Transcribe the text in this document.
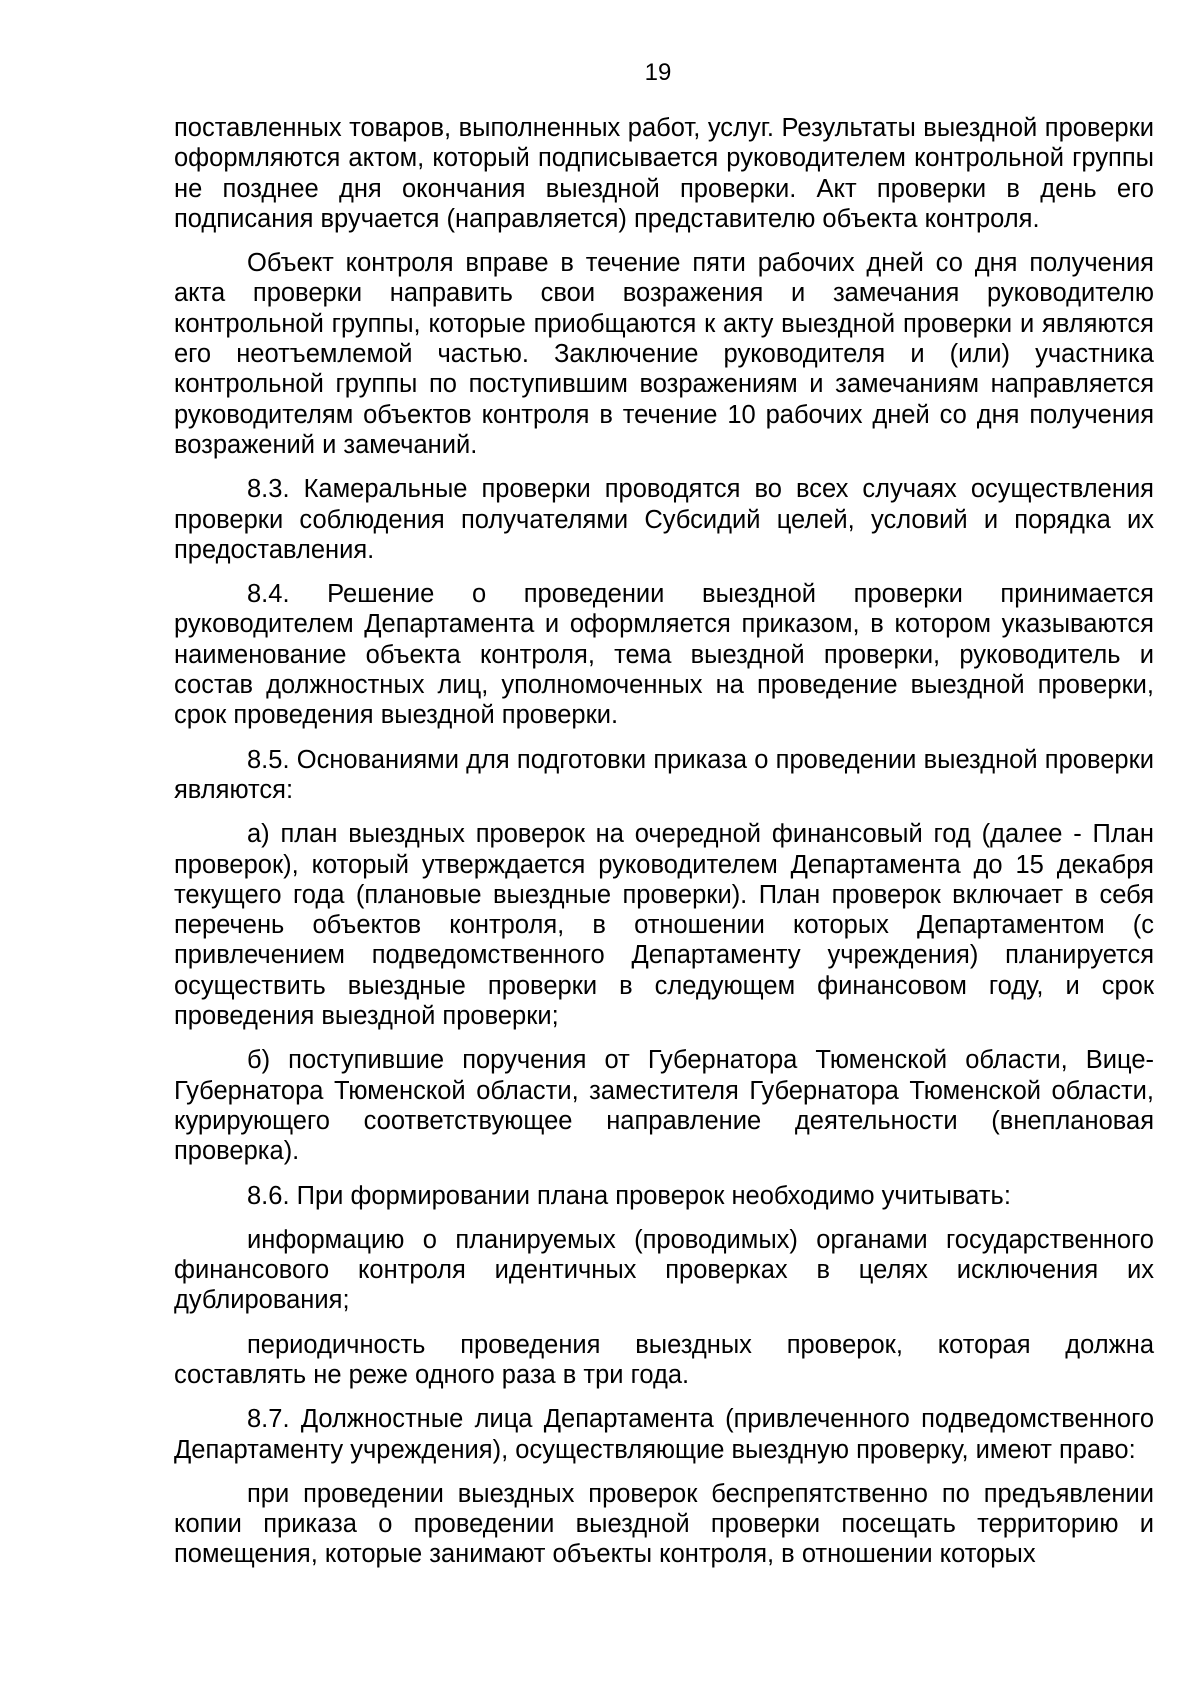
19

поставленных товаров, выполненных работ, услуг. Результаты выездной проверки оформляются актом, который подписывается руководителем контрольной группы не позднее дня окончания выездной проверки. Акт проверки в день его подписания вручается (направляется) представителю объекта контроля.

Объект контроля вправе в течение пяти рабочих дней со дня получения акта проверки направить свои возражения и замечания руководителю контрольной группы, которые приобщаются к акту выездной проверки и являются его неотъемлемой частью. Заключение руководителя и (или) участника контрольной группы по поступившим возражениям и замечаниям направляется руководителям объектов контроля в течение 10 рабочих дней со дня получения возражений и замечаний.

8.3. Камеральные проверки проводятся во всех случаях осуществления проверки соблюдения получателями Субсидий целей, условий и порядка их предоставления.

8.4. Решение о проведении выездной проверки принимается руководителем Департамента и оформляется приказом, в котором указываются наименование объекта контроля, тема выездной проверки, руководитель и состав должностных лиц, уполномоченных на проведение выездной проверки, срок проведения выездной проверки.

8.5. Основаниями для подготовки приказа о проведении выездной проверки являются:

а) план выездных проверок на очередной финансовый год (далее - План проверок), который утверждается руководителем Департамента до 15 декабря текущего года (плановые выездные проверки). План проверок включает в себя перечень объектов контроля, в отношении которых Департаментом (с привлечением подведомственного Департаменту учреждения) планируется осуществить выездные проверки в следующем финансовом году, и срок проведения выездной проверки;

б) поступившие поручения от Губернатора Тюменской области, Вице-Губернатора Тюменской области, заместителя Губернатора Тюменской области, курирующего соответствующее направление деятельности (внеплановая проверка).

8.6. При формировании плана проверок необходимо учитывать:

информацию о планируемых (проводимых) органами государственного финансового контроля идентичных проверках в целях исключения их дублирования;

периодичность проведения выездных проверок, которая должна составлять не реже одного раза в три года.

8.7. Должностные лица Департамента (привлеченного подведомственного Департаменту учреждения), осуществляющие выездную проверку, имеют право:

при проведении выездных проверок беспрепятственно по предъявлении копии приказа о проведении выездной проверки посещать территорию и помещения, которые занимают объекты контроля, в отношении которых
